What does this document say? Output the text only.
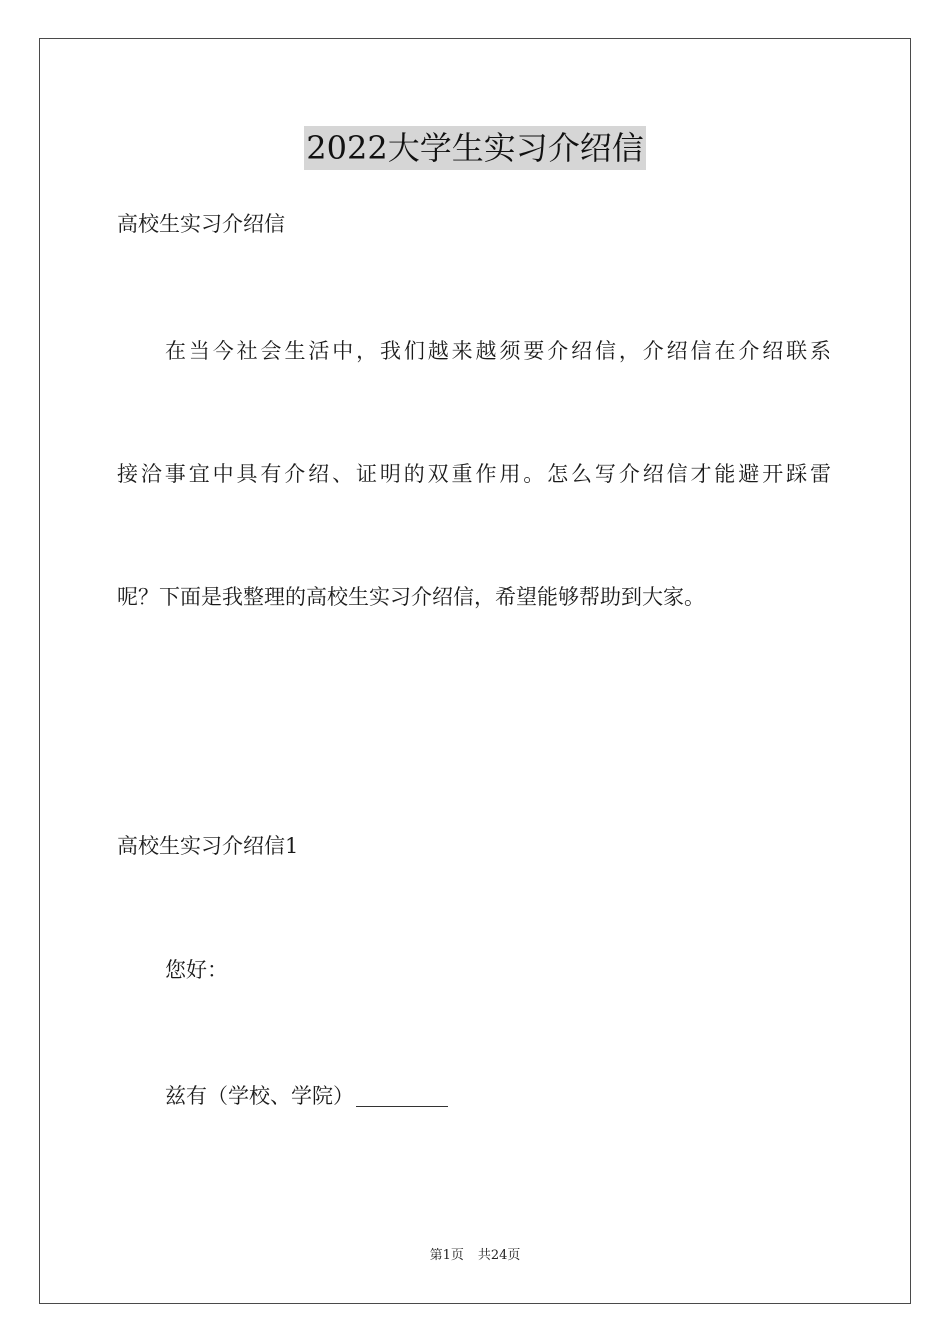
2022大学生实习介绍信
高校生实习介绍信
在当今社会生活中，我们越来越须要介绍信，介绍信在介绍联系
接洽事宜中具有介绍、证明的双重作用。怎么写介绍信才能避开踩雷
呢？下面是我整理的高校生实习介绍信，希望能够帮助到大家。
高校生实习介绍信1
您好：
兹有（学校、学院）
第1页 共24页
